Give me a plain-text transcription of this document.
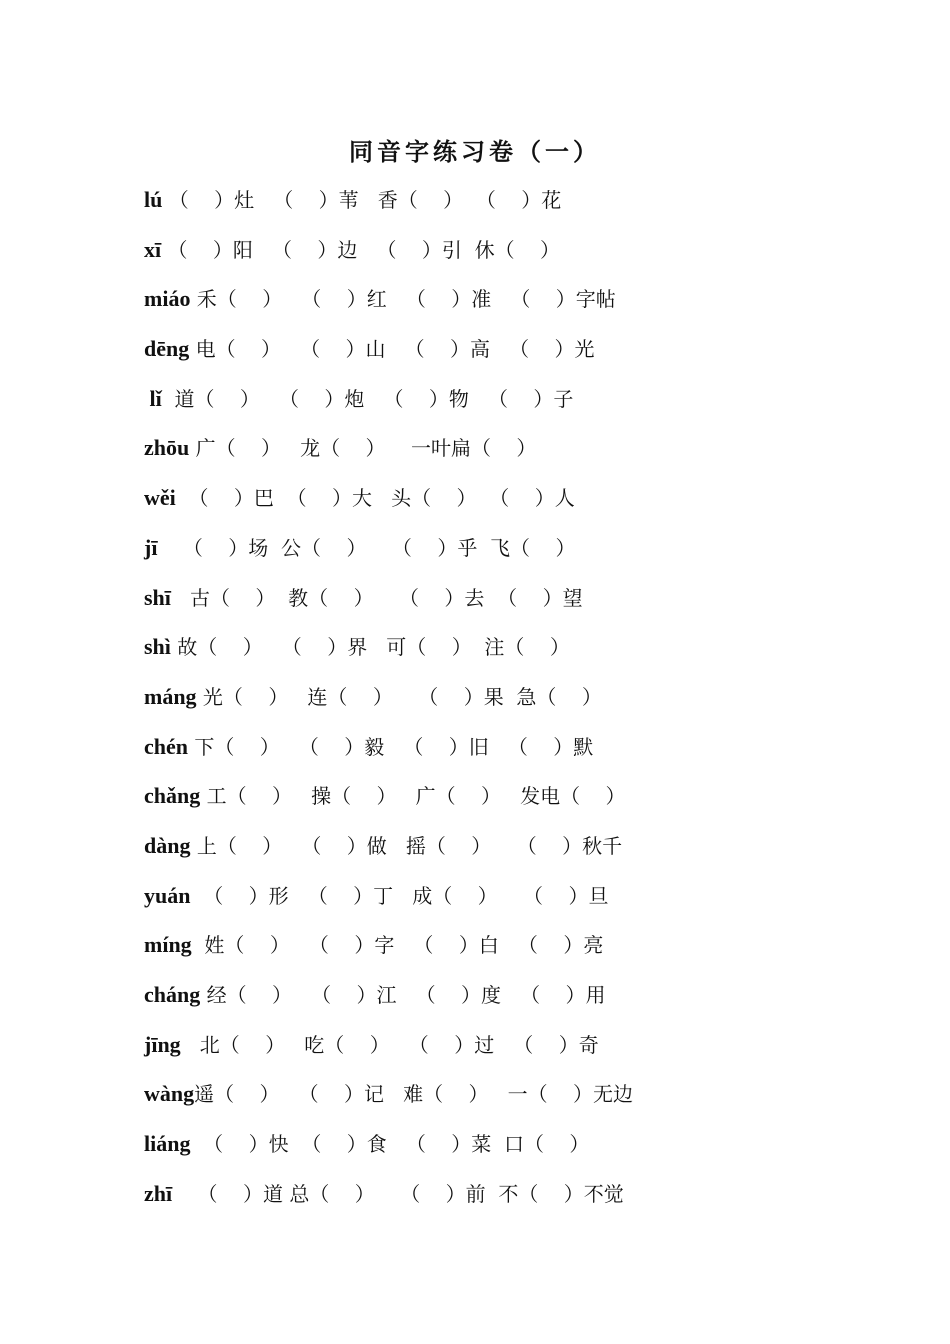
同音字练习卷（一）
lú （    ）灶   （    ）苇   香（    ）  （    ）花
xī （    ）阳   （    ）边   （    ）引  休（    ）
miáo 禾（    ）   （    ）红   （    ）准   （    ）字帖
dēng 电（    ）   （    ）山   （    ）高   （    ）光
lǐ  道（    ）   （    ）炮   （    ）物   （    ）子
zhōu 广（    ）   龙（    ）    一叶扁（    ）
wěi  （    ）巴  （    ）大   头（    ）  （    ）人
jī    （    ）场  公（    ）    （    ）乎  飞（    ）
shī   古（    ）  教（    ）    （    ）去  （    ）望
shì 故（    ）   （    ）界   可（    ）  注（    ）
máng 光（    ）   连（    ）    （    ）果  急（    ）
chén 下（    ）   （    ）毅   （    ）旧   （    ）默
chǎng 工（    ）   操（    ）   广（    ）   发电（    ）
dàng 上（    ）   （    ）做   摇（    ）    （    ）秋千
yuán  （    ）形   （    ）丁   成（    ）    （    ）旦
míng  姓（    ）   （    ）字   （    ）白   （    ）亮
cháng 经（    ）   （    ）江   （    ）度   （    ）用
jīng   北（    ）   吃（    ）   （    ）过   （    ）奇
wàng遥（    ）   （    ）记   难（    ）   一（    ）无边
liáng  （    ）快  （    ）食   （    ）菜  口（    ）
zhī    （    ）道 总（    ）    （    ）前  不（    ）不觉
